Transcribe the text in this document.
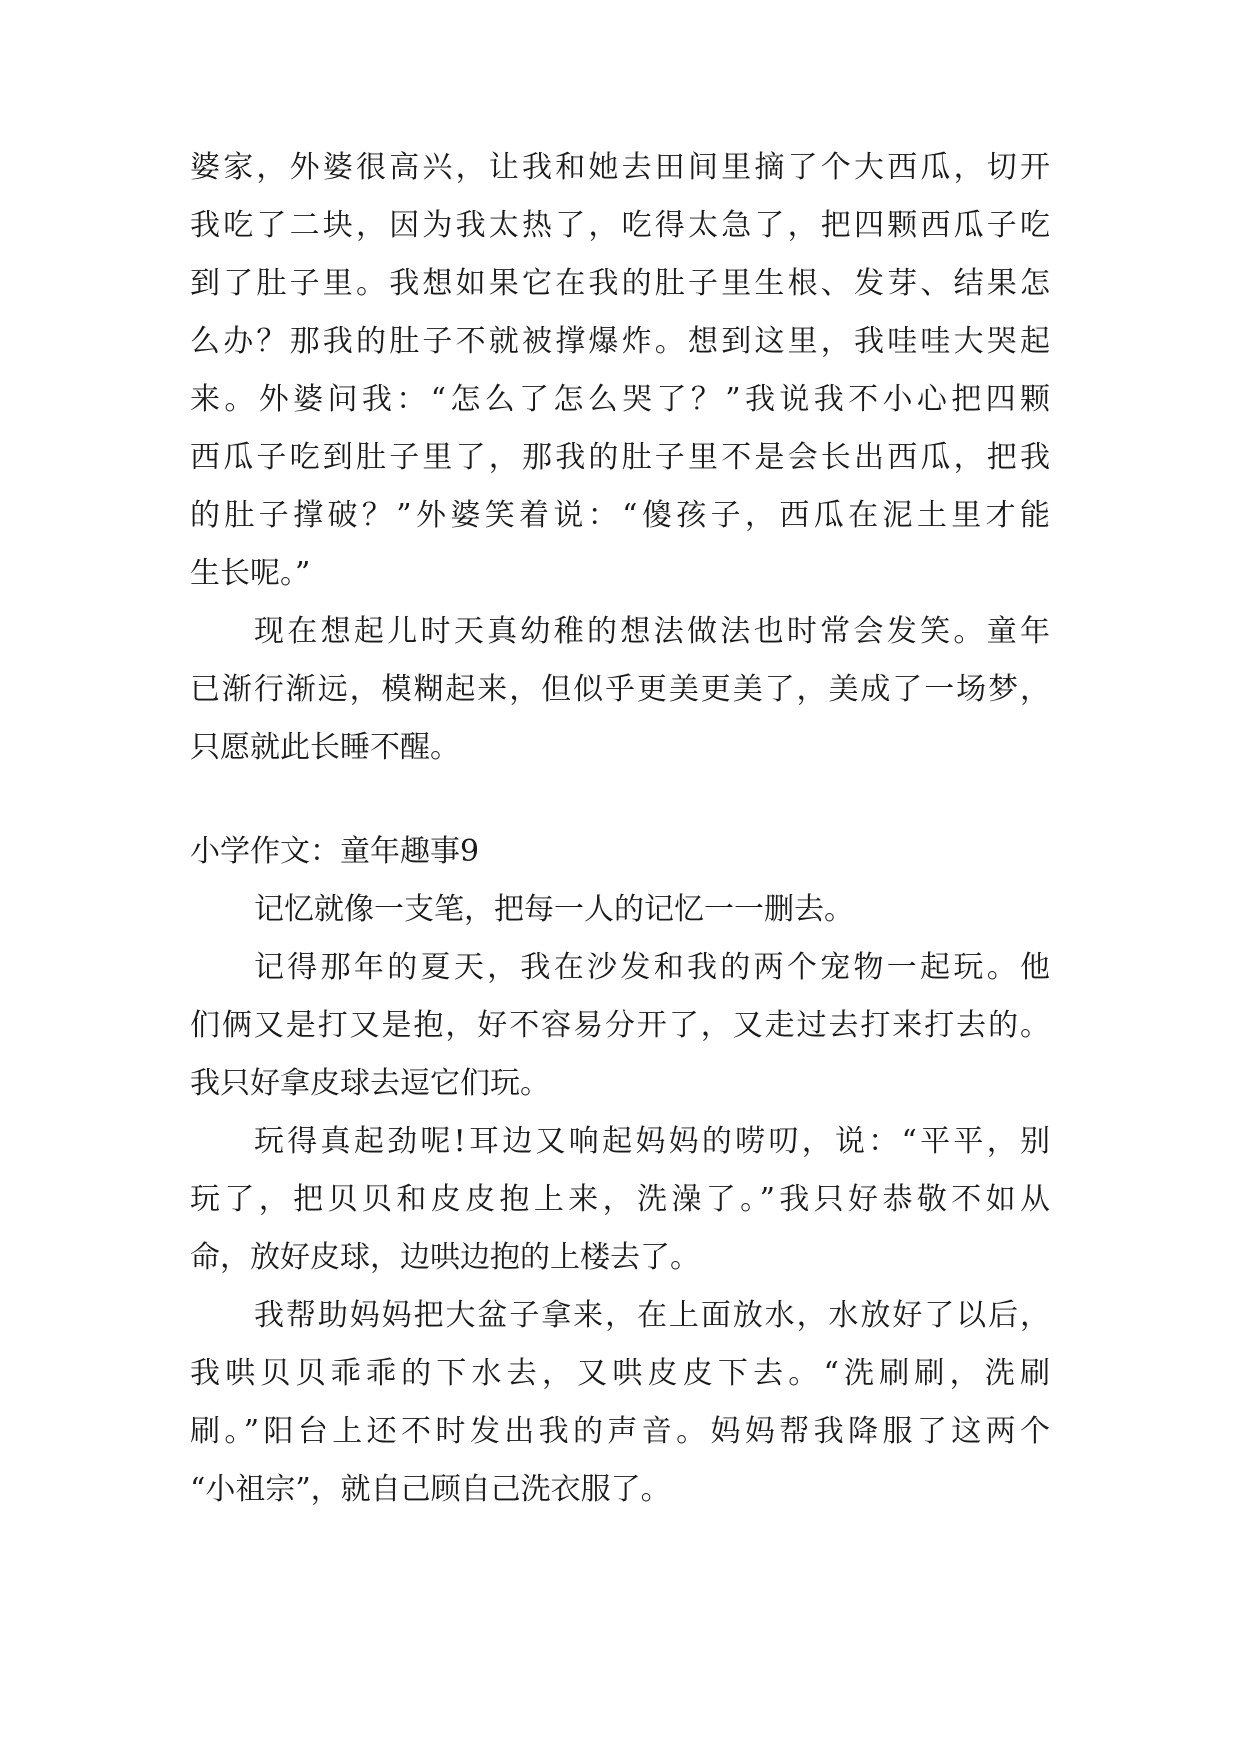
婆家，外婆很高兴，让我和她去田间里摘了个大西瓜，切开
我吃了二块，因为我太热了，吃得太急了，把四颗西瓜子吃
到了肚子里。我想如果它在我的肚子里生根、发芽、结果怎
么办？那我的肚子不就被撑爆炸。想到这里，我哇哇大哭起
来。外婆问我：“怎么了怎么哭了？”我说我不小心把四颗
西瓜子吃到肚子里了，那我的肚子里不是会长出西瓜，把我
的肚子撑破？”外婆笑着说：“傻孩子，西瓜在泥土里才能
生长呢。”
现在想起儿时天真幼稚的想法做法也时常会发笑。童年
已渐行渐远，模糊起来，但似乎更美更美了，美成了一场梦，
只愿就此长睡不醒。
小学作文：童年趣事9
记忆就像一支笔，把每一人的记忆一一删去。
记得那年的夏天，我在沙发和我的两个宠物一起玩。他
们俩又是打又是抱，好不容易分开了，又走过去打来打去的。
我只好拿皮球去逗它们玩。
玩得真起劲呢!耳边又响起妈妈的唠叨，说：“平平，别
玩了，把贝贝和皮皮抱上来，洗澡了。”我只好恭敬不如从
命，放好皮球，边哄边抱的上楼去了。
我帮助妈妈把大盆子拿来，在上面放水，水放好了以后，
我哄贝贝乖乖的下水去，又哄皮皮下去。“洗刷刷，洗刷
刷。”阳台上还不时发出我的声音。妈妈帮我降服了这两个
“小祖宗”，就自己顾自己洗衣服了。
